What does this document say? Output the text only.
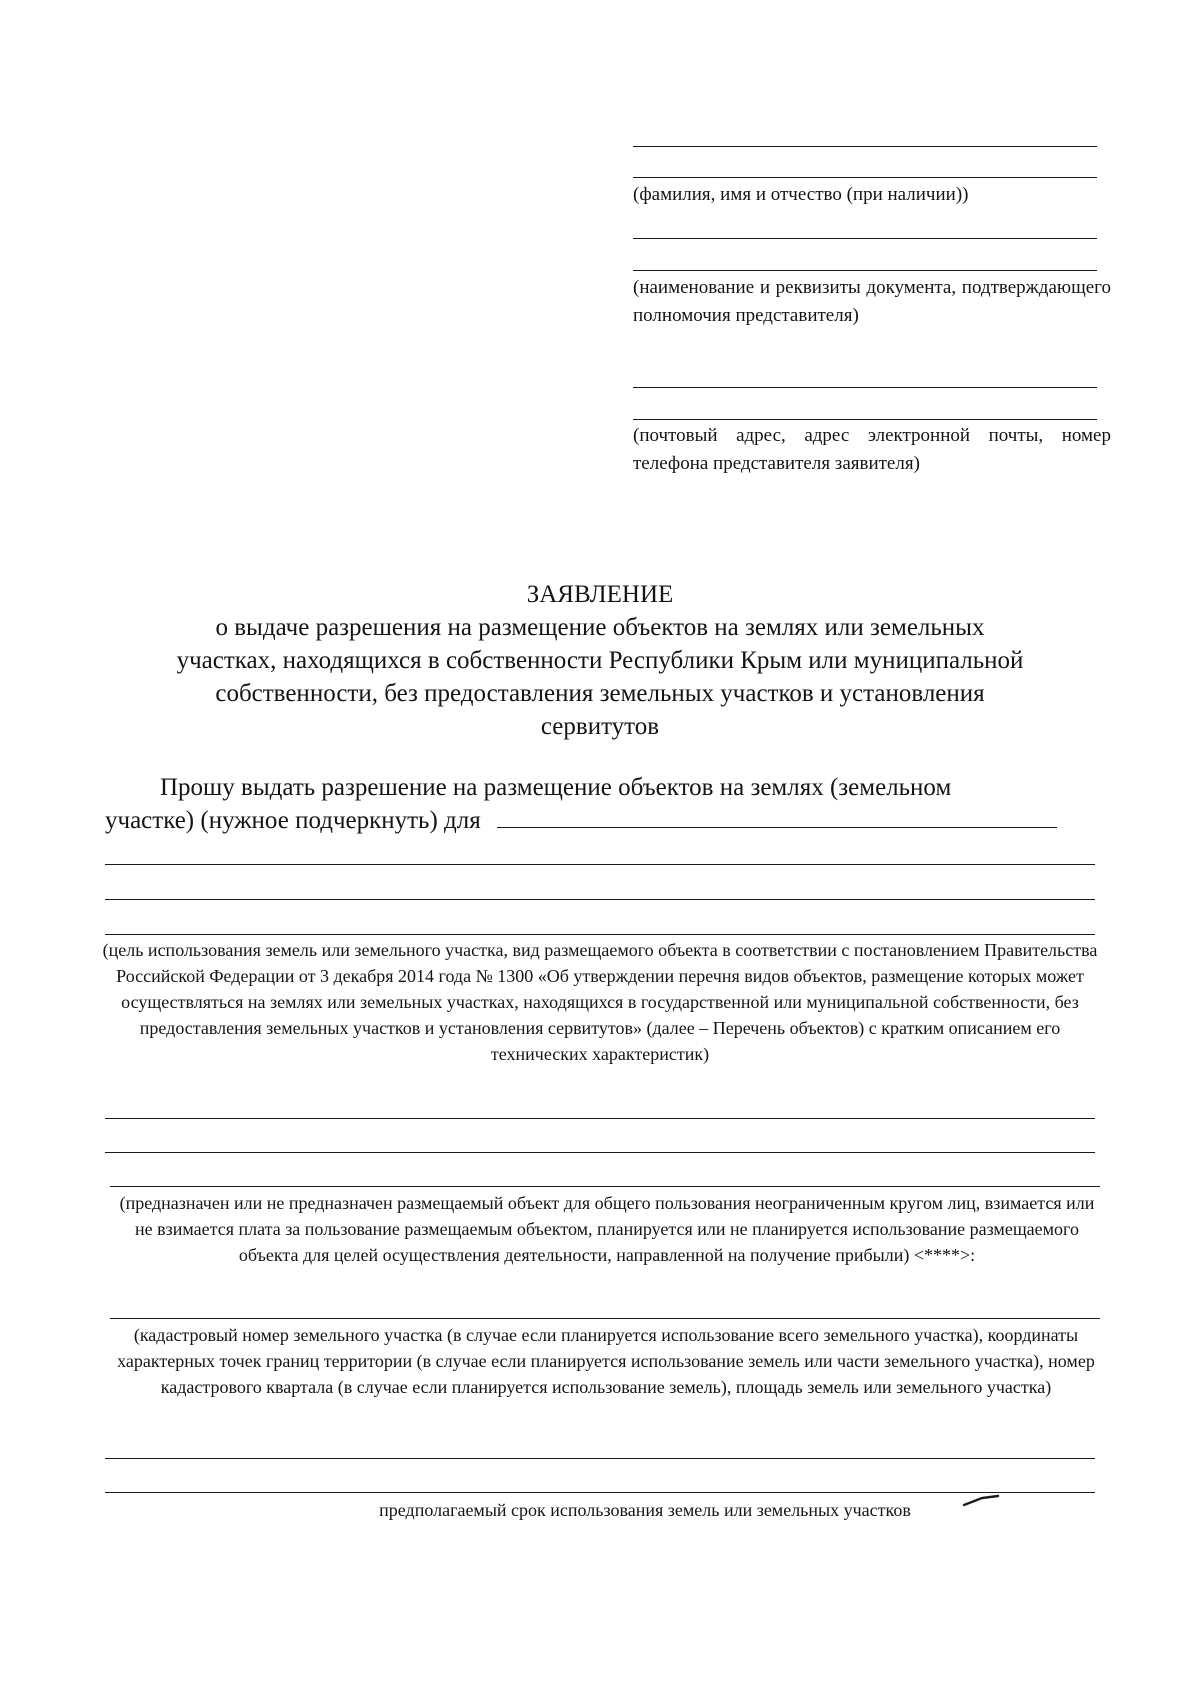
(фамилия, имя и отчество (при наличии))
(наименование и реквизиты документа, подтверждающего полномочия представителя)
(почтовый адрес, адрес электронной почты, номер телефона представителя заявителя)
ЗАЯВЛЕНИЕ
о выдаче разрешения на размещение объектов на землях или земельных
участках, находящихся в собственности Республики Крым или муниципальной
собственности, без предоставления земельных участков и установления
сервитутов
Прошу выдать разрешение на размещение объектов на землях (земельном
участке) (нужное подчеркнуть) для
(цель использования земель или земельного участка, вид размещаемого объекта в соответствии с постановлением Правительства Российской Федерации от 3 декабря 2014 года № 1300 «Об утверждении перечня видов объектов, размещение которых может осуществляться на землях или земельных участках, находящихся в государственной или муниципальной собственности, без предоставления земельных участков и установления сервитутов» (далее – Перечень объектов) с кратким описанием его технических характеристик)
(предназначен или не предназначен размещаемый объект для общего пользования неограниченным кругом лиц, взимается или не взимается плата за пользование размещаемым объектом, планируется или не планируется использование размещаемого объекта для целей осуществления деятельности, направленной на получение прибыли) <****>:
(кадастровый номер земельного участка (в случае если планируется использование всего земельного участка), координаты характерных точек границ территории (в случае если планируется использование земель или части земельного участка), номер кадастрового квартала (в случае если планируется использование земель), площадь земель или земельного участка)
предполагаемый срок использования земель или земельных участков
